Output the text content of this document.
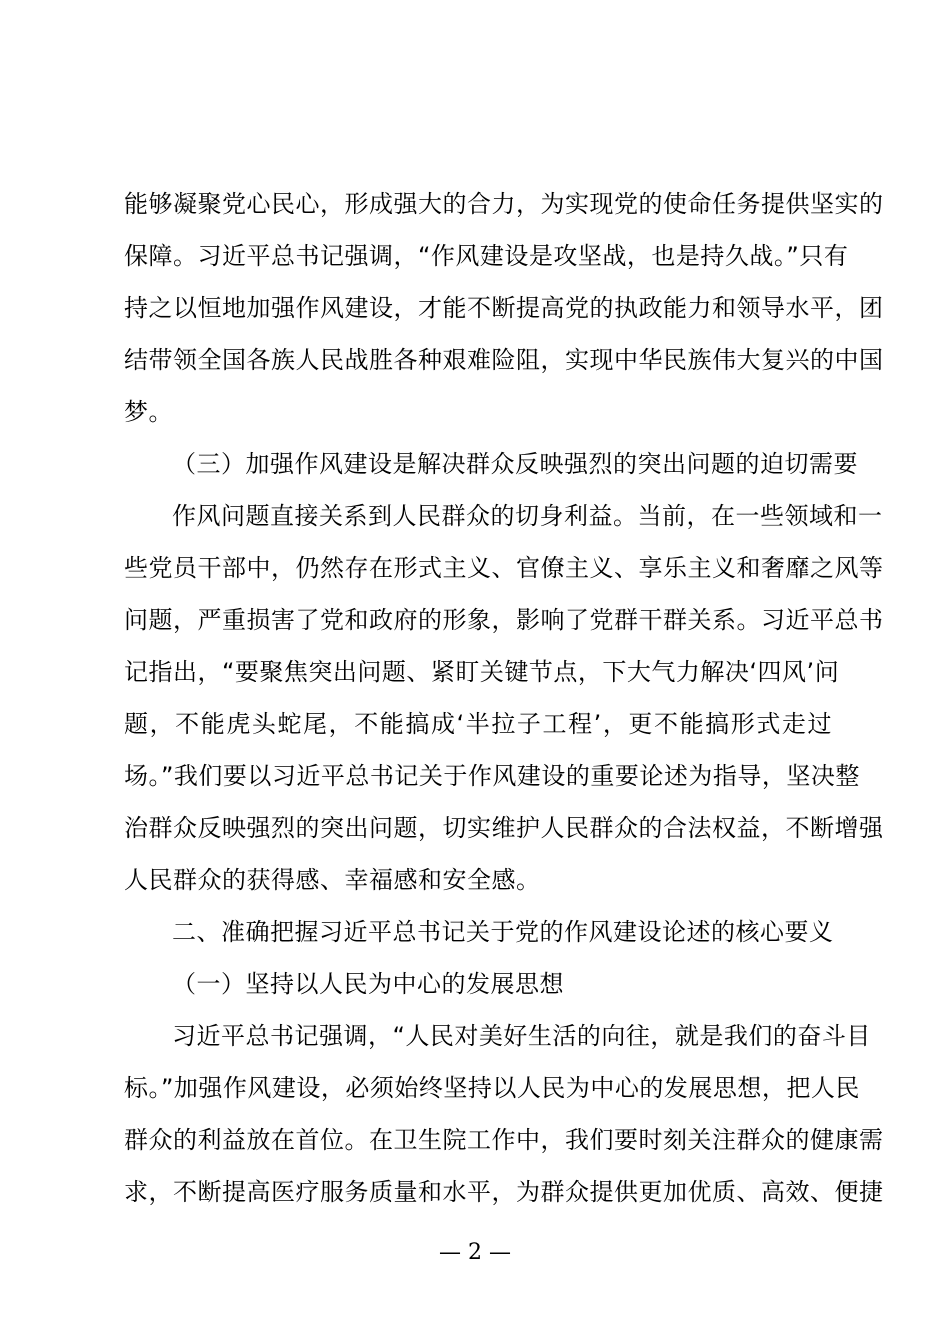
能够凝聚党心民心，形成强大的合力，为实现党的使命任务提供坚实的
保障。习近平总书记强调，“作风建设是攻坚战，也是持久战。”只有
持之以恒地加强作风建设，才能不断提高党的执政能力和领导水平，团
结带领全国各族人民战胜各种艰难险阻，实现中华民族伟大复兴的中国
梦。
（三）加强作风建设是解决群众反映强烈的突出问题的迫切需要
作风问题直接关系到人民群众的切身利益。当前，在一些领域和一
些党员干部中，仍然存在形式主义、官僚主义、享乐主义和奢靡之风等
问题，严重损害了党和政府的形象，影响了党群干群关系。习近平总书
记指出，“要聚焦突出问题、紧盯关键节点，下大气力解决‘四风’问
题，不能虎头蛇尾，不能搞成‘半拉子工程’，更不能搞形式走过
场。”我们要以习近平总书记关于作风建设的重要论述为指导，坚决整
治群众反映强烈的突出问题，切实维护人民群众的合法权益，不断增强
人民群众的获得感、幸福感和安全感。
二、准确把握习近平总书记关于党的作风建设论述的核心要义
（一）坚持以人民为中心的发展思想
习近平总书记强调，“人民对美好生活的向往，就是我们的奋斗目
标。”加强作风建设，必须始终坚持以人民为中心的发展思想，把人民
群众的利益放在首位。在卫生院工作中，我们要时刻关注群众的健康需
求，不断提高医疗服务质量和水平，为群众提供更加优质、高效、便捷
— 2 —
